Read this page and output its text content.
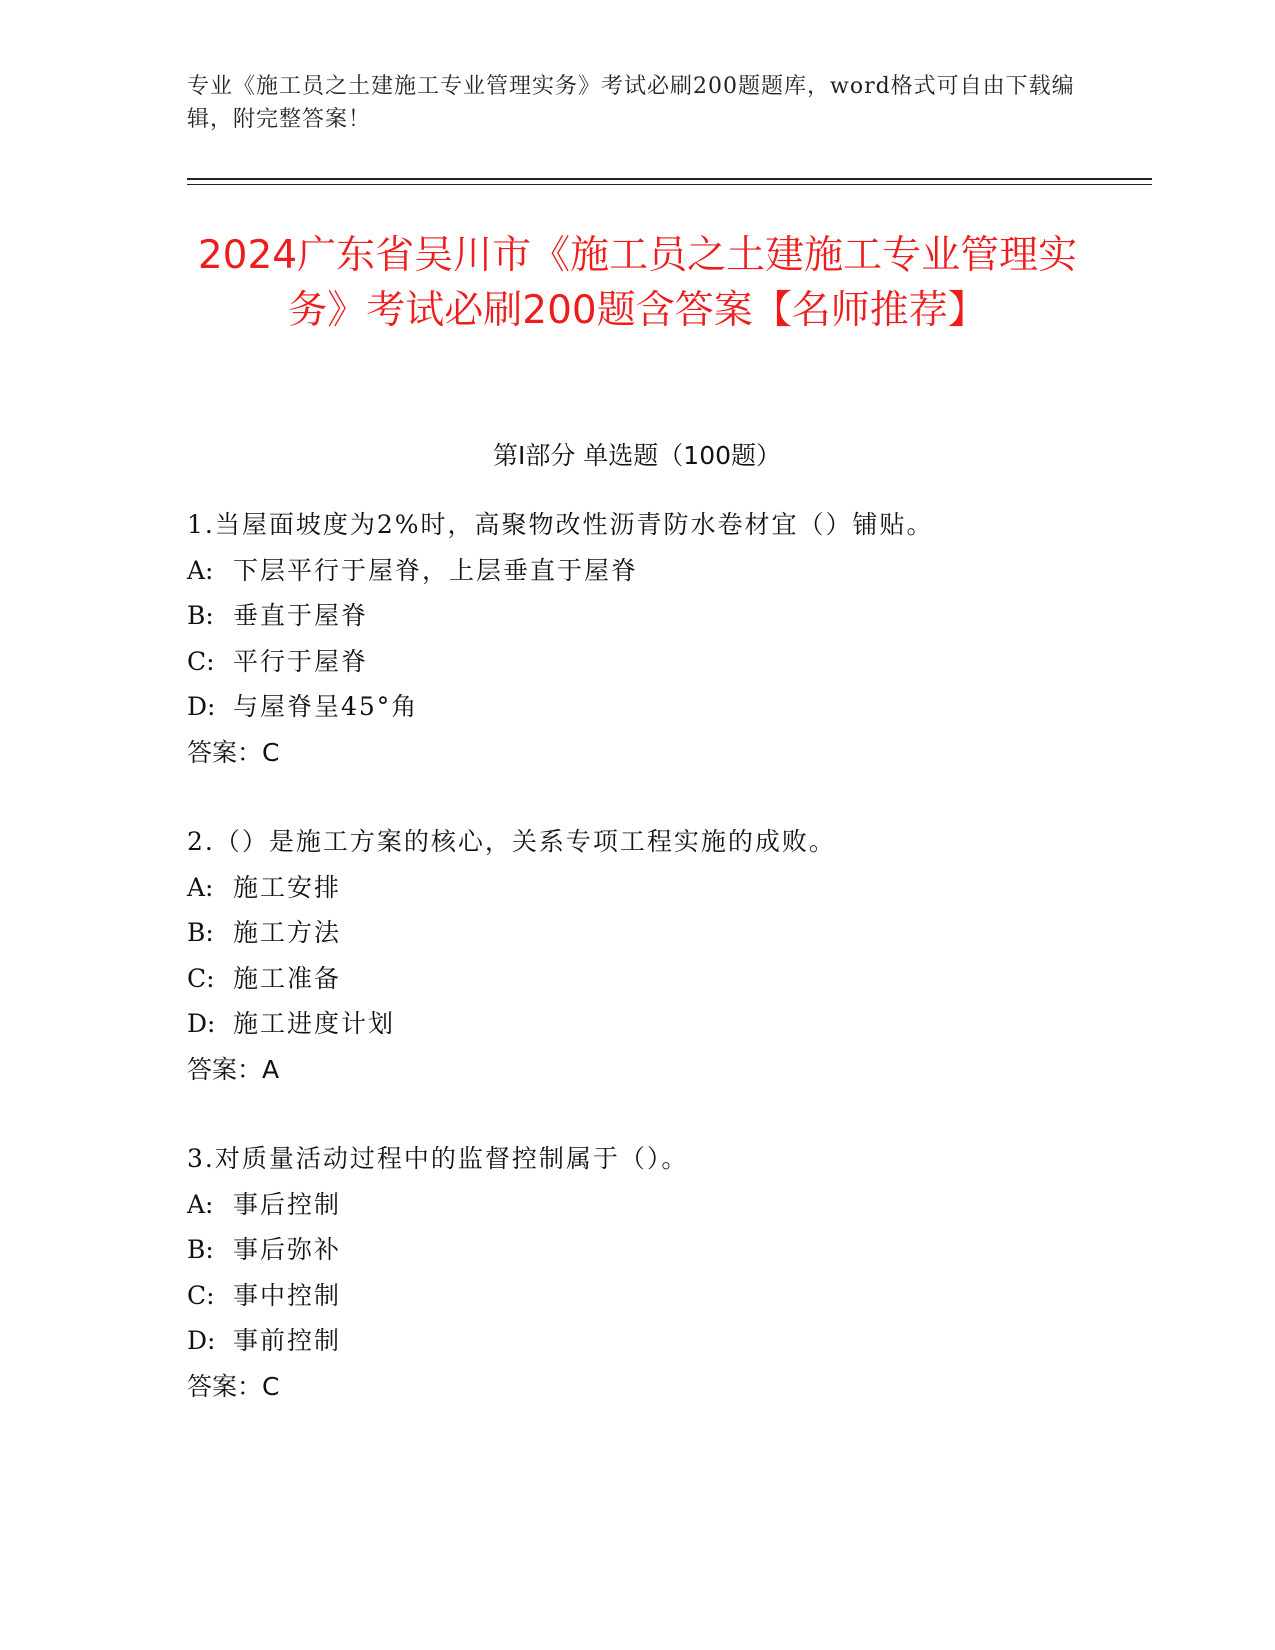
专业《施工员之土建施工专业管理实务》考试必刷200题题库，word格式可自由下载编辑，附完整答案！
2024广东省吴川市《施工员之土建施工专业管理实务》考试必刷200题含答案【名师推荐】
第Ⅰ部分 单选题（100题）
1.当屋面坡度为2%时，高聚物改性沥青防水卷材宜（）铺贴。
A: 下层平行于屋脊，上层垂直于屋脊
B: 垂直于屋脊
C: 平行于屋脊
D: 与屋脊呈45°角
答案：C
2.（）是施工方案的核心，关系专项工程实施的成败。
A: 施工安排
B: 施工方法
C: 施工准备
D: 施工进度计划
答案：A
3.对质量活动过程中的监督控制属于（）。
A: 事后控制
B: 事后弥补
C: 事中控制
D: 事前控制
答案：C
